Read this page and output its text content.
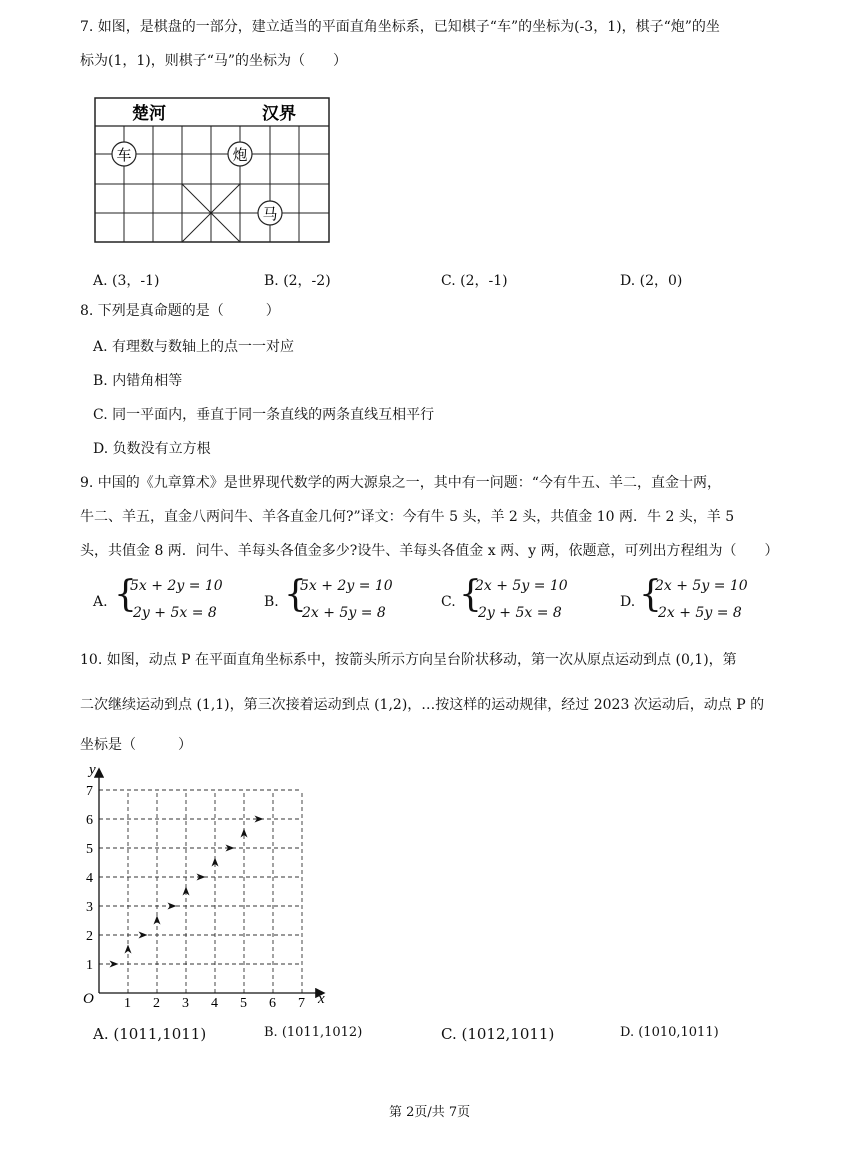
7. 如图，是棋盘的一部分，建立适当的平面直角坐标系，已知棋子“车”的坐标为(-3，1)，棋子“炮”的坐
标为(1，1)，则棋子“马”的坐标为（　　）
楚河	汉界
车	炮
马
A. (3，-1)	B. (2，-2)	C. (2，-1)	D. (2，0)
8. 下列是真命题的是（　　　）
A. 有理数与数轴上的点一一对应
B. 内错角相等
C. 同一平面内，垂直于同一条直线的两条直线互相平行
D. 负数没有立方根
9. 中国的《九章算术》是世界现代数学的两大源泉之一，其中有一问题：“今有牛五、羊二，直金十两，
牛二、羊五，直金八两问牛、羊各直金几何?”译文：今有牛 5 头，羊 2 头，共值金 10 两．牛 2 头，羊 5
头，共值金 8 两．问牛、羊每头各值金多少?设牛、羊每头各值金 x 两、y 两，依题意，可列出方程组为（　　）
A. {
5x + 2y = 10
2y + 5x = 8
B. {
5x + 2y = 10
2x + 5y = 8
C. {
2x + 5y = 10
2y + 5x = 8
D. {
2x + 5y = 10
2x + 5y = 8
10. 如图，动点 P 在平面直角坐标系中，按箭头所示方向呈台阶状移动，第一次从原点运动到点 (0,1)，第
二次继续运动到点 (1,1)，第三次接着运动到点 (1,2)，…按这样的运动规律，经过 2023 次运动后，动点 P 的
坐标是（　　　）
y
x
O 1 2 3 4 5 6 7
1
2
3
4
5
6
7
A. (1011,1011)	B. (1011,1012)	C. (1012,1011)	D. (1010,1011)
第 2页/共 7页
